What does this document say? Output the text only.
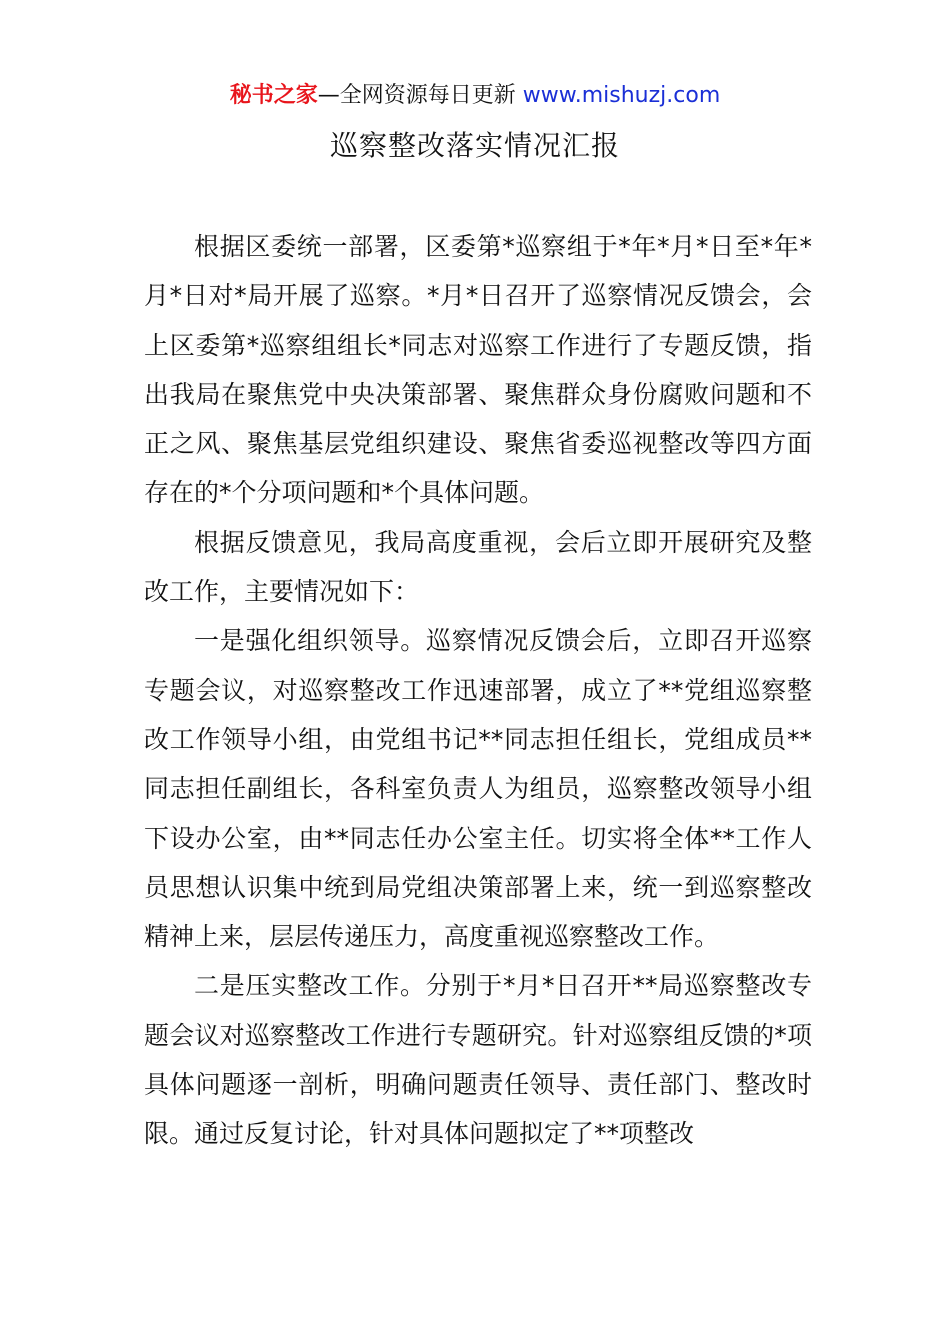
秘书之家—全网资源每日更新 www.mishuzj.com
巡察整改落实情况汇报

根据区委统一部署，区委第*巡察组于*年*月*日至*年*月*日对*局开展了巡察。*月*日召开了巡察情况反馈会，会上区委第*巡察组组长*同志对巡察工作进行了专题反馈，指出我局在聚焦党中央决策部署、聚焦群众身份腐败问题和不正之风、聚焦基层党组织建设、聚焦省委巡视整改等四方面存在的*个分项问题和*个具体问题。

根据反馈意见，我局高度重视，会后立即开展研究及整改工作，主要情况如下：

一是强化组织领导。巡察情况反馈会后，立即召开巡察专题会议，对巡察整改工作迅速部署，成立了**党组巡察整改工作领导小组，由党组书记**同志担任组长，党组成员**同志担任副组长，各科室负责人为组员，巡察整改领导小组下设办公室，由**同志任办公室主任。切实将全体**工作人员思想认识集中统到局党组决策部署上来，统一到巡察整改精神上来，层层传递压力，高度重视巡察整改工作。

二是压实整改工作。分别于*月*日召开**局巡察整改专题会议对巡察整改工作进行专题研究。针对巡察组反馈的*项具体问题逐一剖析，明确问题责任领导、责任部门、整改时限。通过反复讨论，针对具体问题拟定了**项整改
